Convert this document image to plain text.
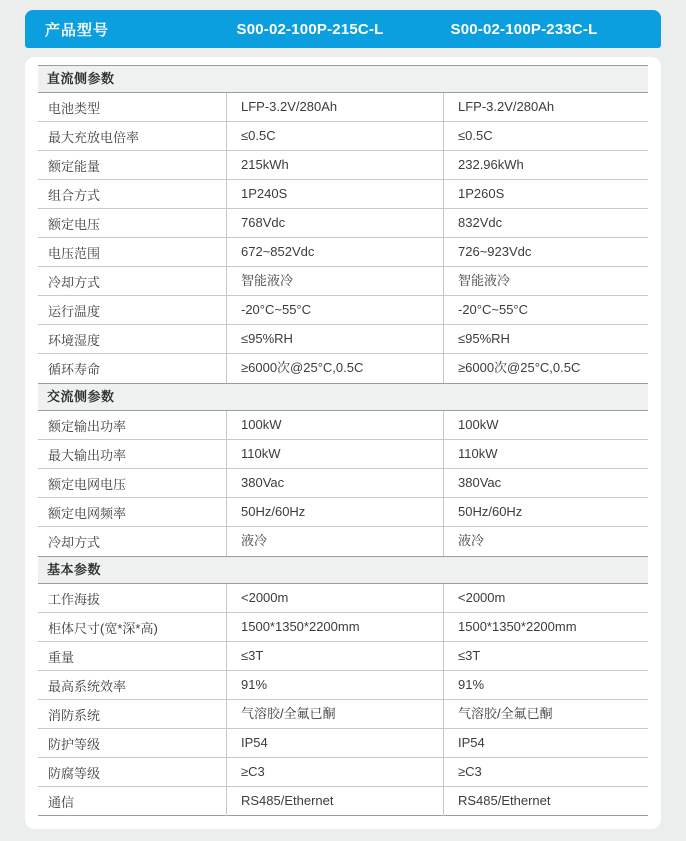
产品型号	S00-02-100P-215C-L	S00-02-100P-233C-L
直流侧参数
电池类型	LFP-3.2V/280Ah	LFP-3.2V/280Ah
最大充放电倍率	≤0.5C	≤0.5C
额定能量	215kWh	232.96kWh
组合方式	1P240S	1P260S
额定电压	768Vdc	832Vdc
电压范围	672~852Vdc	726~923Vdc
冷却方式	智能液冷	智能液冷
运行温度	-20°C~55°C	-20°C~55°C
环境湿度	≤95%RH	≤95%RH
循环寿命	≥6000次@25°C,0.5C	≥6000次@25°C,0.5C
交流侧参数
额定输出功率	100kW	100kW
最大输出功率	110kW	110kW
额定电网电压	380Vac	380Vac
额定电网频率	50Hz/60Hz	50Hz/60Hz
冷却方式	液冷	液冷
基本参数
工作海拔	<2000m	<2000m
柜体尺寸(宽*深*高)	1500*1350*2200mm	1500*1350*2200mm
重量	≤3T	≤3T
最高系统效率	91%	91%
消防系统	气溶胶/全氟已酮	气溶胶/全氟已酮
防护等级	IP54	IP54
防腐等级	≥C3	≥C3
通信	RS485/Ethernet	RS485/Ethernet
